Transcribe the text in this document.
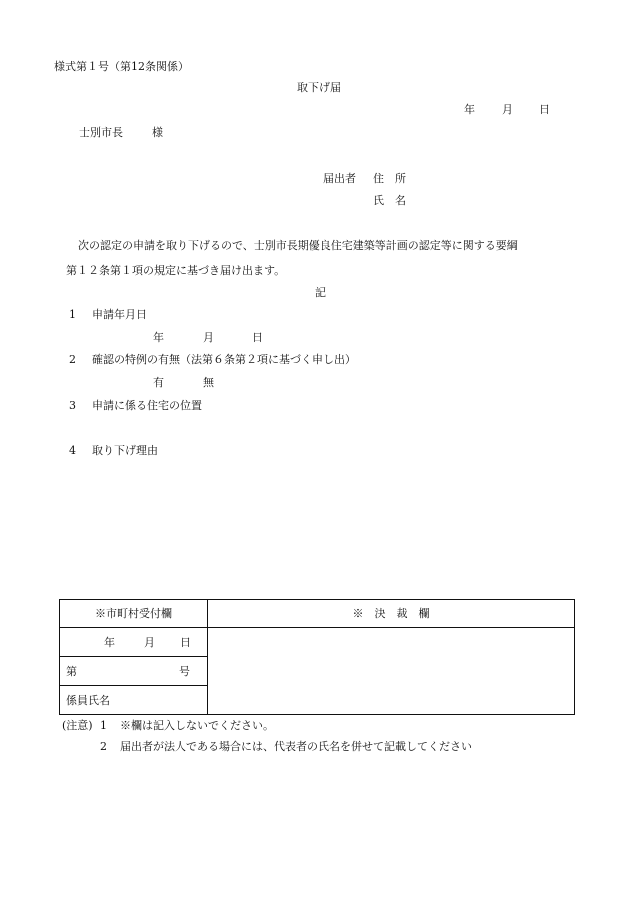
様式第１号（第12条関係）
取下げ届
年 月 日
士別市長	様
届出者 住　所
氏　名
次の認定の申請を取り下げるので、士別市長期優良住宅建築等計画の認定等に関する要綱
第１２条第１項の規定に基づき届け出ます。
記
1 申請年月日
年	月	日
2 確認の特例の有無（法第６条第２項に基づく申し出）
有	無
3 申請に係る住宅の位置
4 取り下げ理由
※市町村受付欄	※　決　裁　欄

年 月 日	

第 号	

係員氏名	
(注意) 1 ※欄は記入しないでください。
2 届出者が法人である場合には、代表者の氏名を併せて記載してください
